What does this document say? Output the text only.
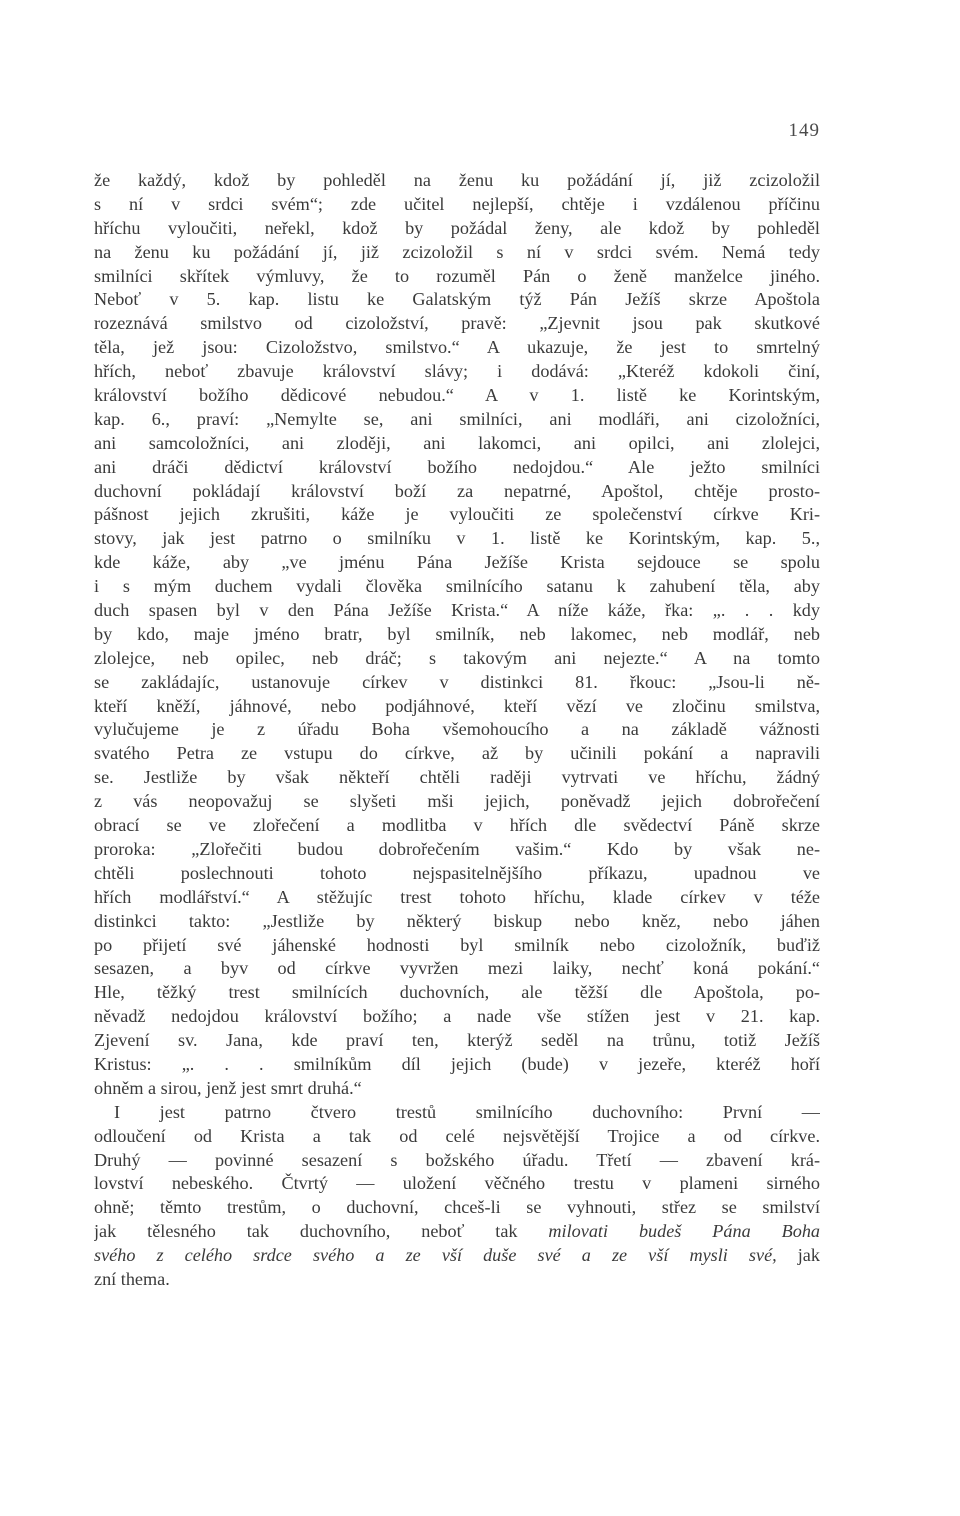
149
že každý, kdož by pohleděl na ženu ku požádání jí, již zcizoložil
s ní v srdci svém“; zde učitel nejlepší, chtěje i vzdálenou příčinu
hříchu vyloučiti, neřekl, kdož by požádal ženy, ale kdož by pohleděl
na ženu ku požádání jí, již zcizoložil s ní v srdci svém. Nemá tedy
smilníci skřítek výmluvy, že to rozuměl Pán o ženě manželce jiného.
Neboť v 5. kap. listu ke Galatským týž Pán Ježíš skrze Apoštola
rozeznává smilstvo od cizoložství, pravě: „Zjevnit jsou pak skutkové
těla, jež jsou: Cizoložstvo, smilstvo.“ A ukazuje, že jest to smrtelný
hřích, neboť zbavuje království slávy; i dodává: „Kteréž kdokoli činí,
království božího dědicové nebudou.“ A v 1. listě ke Korintským,
kap. 6., praví: „Nemylte se, ani smilníci, ani modláři, ani cizoložníci,
ani samcoložníci, ani zloději, ani lakomci, ani opilci, ani zlolejci,
ani dráči dědictví království božího nedojdou.“ Ale ježto smilníci
duchovní pokládají království boží za nepatrné, Apoštol, chtěje prosto-
pášnost jejich zkrušiti, káže je vyloučiti ze společenství církve Kri-
stovy, jak jest patrno o smilníku v 1. listě ke Korintským, kap. 5.,
kde káže, aby „ve jménu Pána Ježíše Krista sejdouce se spolu
i s mým duchem vydali člověka smilnícího satanu k zahubení těla, aby
duch spasen byl v den Pána Ježíše Krista.“ A níže káže, řka: „. . . kdy
by kdo, maje jméno bratr, byl smilník, neb lakomec, neb modlář, neb
zlolejce, neb opilec, neb dráč; s takovým ani nejezte.“ A na tomto
se zakládajíc, ustanovuje církev v distinkci 81. řkouc: „Jsou-li ně-
kteří kněží, jáhnové, nebo podjáhnové, kteří vězí ve zločinu smilstva,
vylučujeme je z úřadu Boha všemohoucího a na základě vážnosti
svatého Petra ze vstupu do církve, až by učinili pokání a napravili
se. Jestliže by však někteří chtěli raději vytrvati ve hříchu, žádný
z vás neopovažuj se slyšeti mši jejich, poněvadž jejich dobrořečení
obrací se ve zlořečení a modlitba v hřích dle svědectví Páně skrze
proroka: „Zlořečiti budou dobrořečením vašim.“ Kdo by však ne-
chtěli poslechnouti tohoto nejspasitelnějšího příkazu, upadnou ve
hřích modlářství.“ A stěžujíc trest tohoto hříchu, klade církev v téže
distinkci takto: „Jestliže by některý biskup nebo kněz, nebo jáhen
po přijetí své jáhenské hodnosti byl smilník nebo cizoložník, buďiž
sesazen, a byv od církve vyvržen mezi laiky, nechť koná pokání.“
Hle, těžký trest smilnících duchovních, ale těžší dle Apoštola, po-
něvadž nedojdou království božího; a nade vše stížen jest v 21. kap.
Zjevení sv. Jana, kde praví ten, kterýž seděl na trůnu, totiž Ježíš
Kristus: „. . . smilníkům díl jejich (bude) v jezeře, kteréž hoří
ohněm a sirou, jenž jest smrt druhá.“
I jest patrno čtvero trestů smilnícího duchovního: První —
odloučení od Krista a tak od celé nejsvětější Trojice a od církve.
Druhý — povinné sesazení s božského úřadu. Třetí — zbavení krá-
lovství nebeského. Čtvrtý — uložení věčného trestu v plameni sirného
ohně; těmto trestům, o duchovní, chceš-li se vyhnouti, střez se smilství
jak tělesného tak duchovního, neboť tak milovati budeš Pána Boha
svého z celého srdce svého a ze vší duše své a ze vší mysli své, jak
zní thema.
